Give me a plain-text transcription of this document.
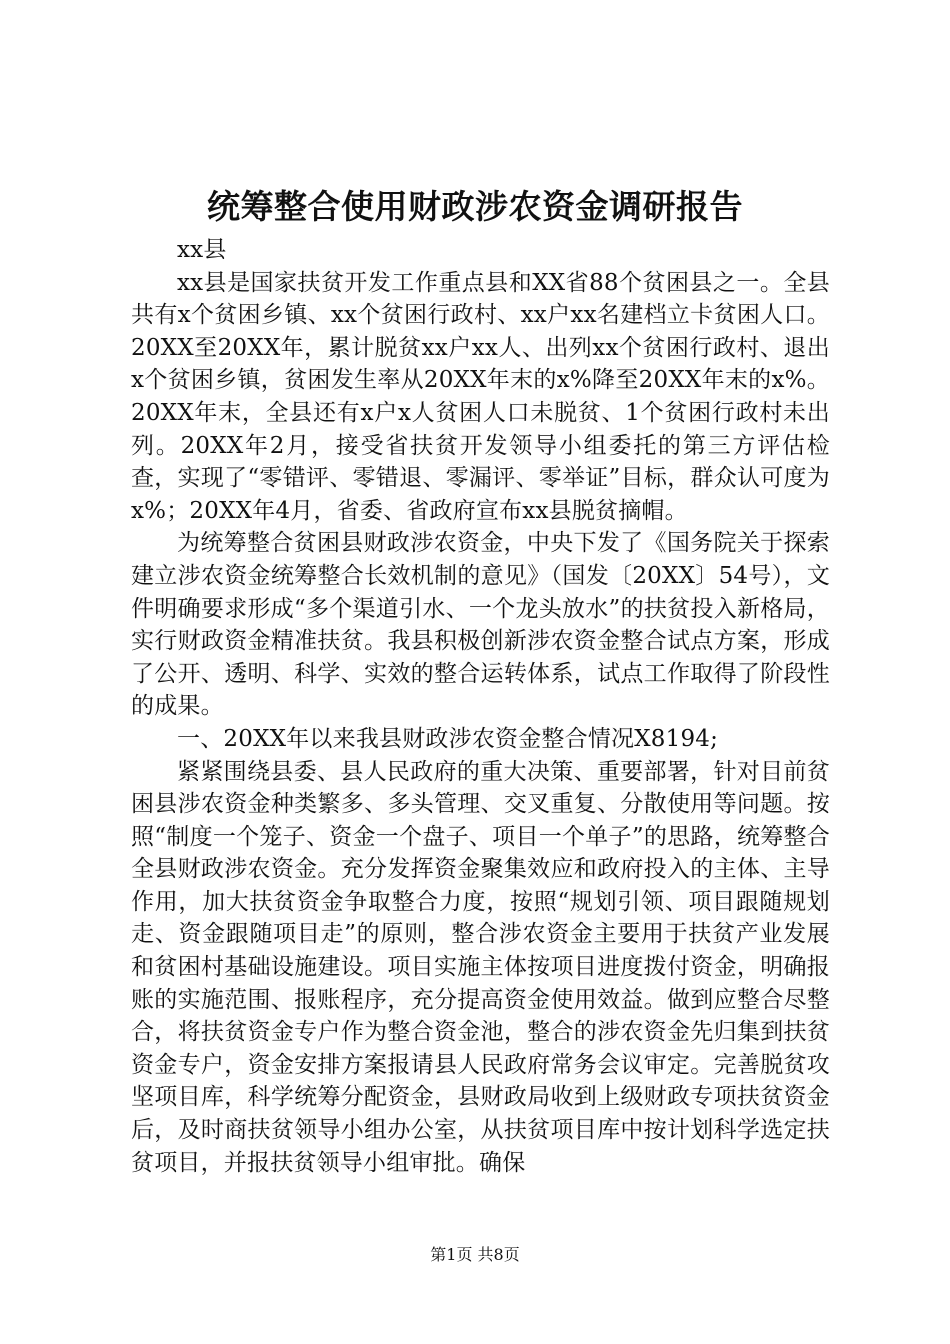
统筹整合使用财政涉农资金调研报告

xx县

xx县是国家扶贫开发工作重点县和XX省88个贫困县之一。全县共有x个贫困乡镇、xx个贫困行政村、xx户xx名建档立卡贫困人口。20XX至20XX年，累计脱贫xx户xx人、出列xx个贫困行政村、退出x个贫困乡镇，贫困发生率从20XX年末的x%降至20XX年末的x%。20XX年末，全县还有x户x人贫困人口未脱贫、1个贫困行政村未出列。20XX年2月，接受省扶贫开发领导小组委托的第三方评估检查，实现了“零错评、零错退、零漏评、零举证”目标，群众认可度为x%；20XX年4月，省委、省政府宣布xx县脱贫摘帽。

为统筹整合贫困县财政涉农资金，中央下发了《国务院关于探索建立涉农资金统筹整合长效机制的意见》（国发〔20XX〕54号），文件明确要求形成“多个渠道引水、一个龙头放水”的扶贫投入新格局，实行财政资金精准扶贫。我县积极创新涉农资金整合试点方案，形成了公开、透明、科学、实效的整合运转体系，试点工作取得了阶段性的成果。

一、20XX年以来我县财政涉农资金整合情况X8194;

紧紧围绕县委、县人民政府的重大决策、重要部署，针对目前贫困县涉农资金种类繁多、多头管理、交叉重复、分散使用等问题。按照“制度一个笼子、资金一个盘子、项目一个单子”的思路，统筹整合全县财政涉农资金。充分发挥资金聚集效应和政府投入的主体、主导作用，加大扶贫资金争取整合力度，按照“规划引领、项目跟随规划走、资金跟随项目走”的原则，整合涉农资金主要用于扶贫产业发展和贫困村基础设施建设。项目实施主体按项目进度拨付资金，明确报账的实施范围、报账程序，充分提高资金使用效益。做到应整合尽整合，将扶贫资金专户作为整合资金池，整合的涉农资金先归集到扶贫资金专户，资金安排方案报请县人民政府常务会议审定。完善脱贫攻坚项目库，科学统筹分配资金，县财政局收到上级财政专项扶贫资金后，及时商扶贫领导小组办公室，从扶贫项目库中按计划科学选定扶贫项目，并报扶贫领导小组审批。确保

第1页 共8页
